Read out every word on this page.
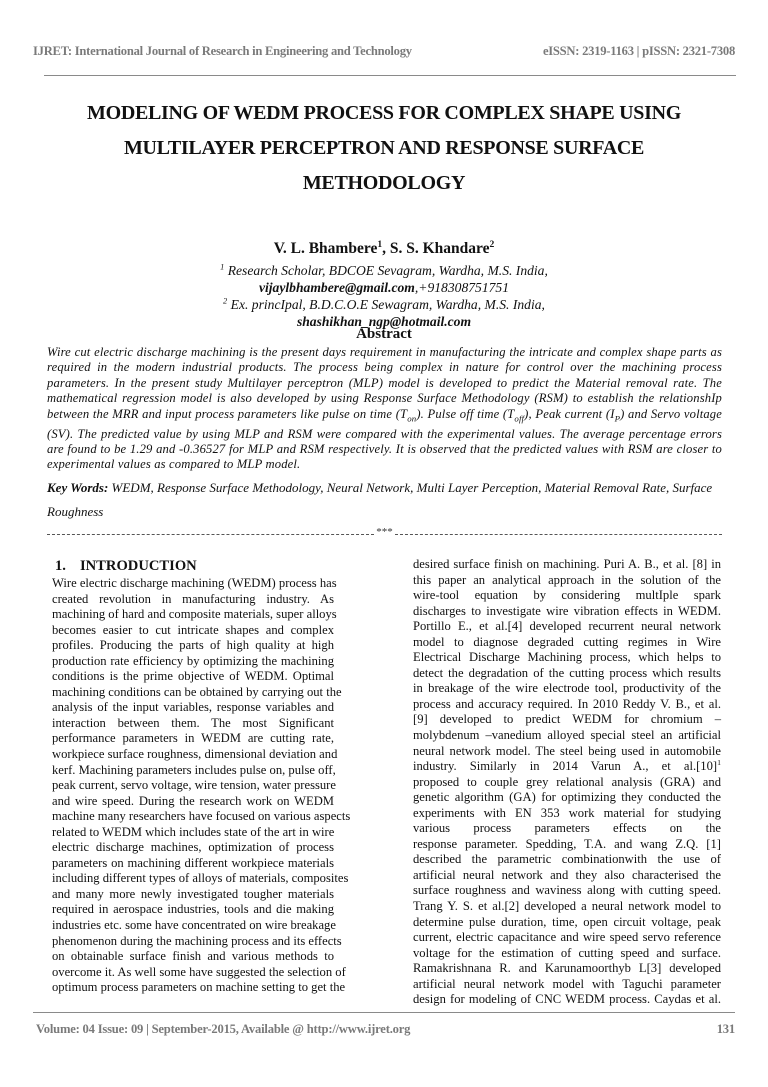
IJRET: International Journal of Research in Engineering and Technology	eISSN: 2319-1163 | pISSN: 2321-7308
MODELING OF WEDM PROCESS FOR COMPLEX SHAPE USING
MULTILAYER PERCEPTRON AND RESPONSE SURFACE
METHODOLOGY
V. L. Bhambere$^1$, S. S. Khandare$^2$
$^1$ Research Scholar, BDCOE Sevagram, Wardha, M.S. India,
vijaylbhambere@gmail.com,+918308751751
$^2$ Ex. princIpal, B.D.C.O.E Sewagram, Wardha, M.S. India,
shashikhan_ngp@hotmail.com
Abstract
Wire cut electric discharge machining is the present days requirement in manufacturing the intricate and complex shape parts as
required in the modern industrial products. The process being complex in nature for control over the machining process
parameters. In the present study Multilayer perceptron (MLP) model is developed to predict the Material removal rate. The
mathematical regression model is also developed by using Response Surface Methodology (RSM) to establish the relationshIp
between the MRR and input process parameters like pulse on time $(T_{on})$. Pulse off time $(T_{off})$, Peak current $(I_P)$ and Servo voltage
(SV). The predicted value by using MLP and RSM were compared with the experimental values. The average percentage errors
are found to be 1.29 and -0.36527 for MLP and RSM respectively. It is observed that the predicted values with RSM are closer to
experimental values as compared to MLP model.
Key Words: WEDM, Response Surface Methodology, Neural Network, Multi Layer Perception, Material Removal Rate, Surface Roughness
***
1. INTRODUCTION
Wire electric discharge machining (WEDM) process has
created revolution in manufacturing industry. As
machining of hard and composite materials, super alloys
becomes easier to cut intricate shapes and complex
profiles. Producing the parts of high quality at high
production rate efficiency by optimizing the machining
conditions is the prime objective of WEDM. Optimal
machining conditions can be obtained by carrying out the
analysis of the input variables, response variables and
interaction between them. The most Significant
performance parameters in WEDM are cutting rate,
workpiece surface roughness, dimensional deviation and
kerf. Machining parameters includes pulse on, pulse off,
peak current, servo voltage, wire tension, water pressure
and wire speed. During the research work on WEDM
machine many researchers have focused on various aspects
related to WEDM which includes state of the art in wire
electric discharge machines, optimization of process
parameters on machining different workpiece materials
including different types of alloys of materials, composites
and many more newly investigated tougher materials
required in aerospace industries, tools and die making
industries etc. some have concentrated on wire breakage
phenomenon during the machining process and its effects
on obtainable surface finish and various methods to
overcome it. As well some have suggested the selection of
optimum process parameters on machine setting to get the
desired surface finish on machining. Puri A. B., et al. [8] in
this paper an analytical approach in the solution of the
wire-tool equation by considering multIple spark
discharges to investigate wire vibration effects in WEDM.
Portillo E., et al.[4] developed recurrent neural network
model to diagnose degraded cutting regimes in Wire
Electrical Discharge Machining process, which helps to
detect the degradation of the cutting process which results
in breakage of the wire electrode tool, productivity of the
process and accuracy required. In 2010 Reddy V. B., et al.
[9] developed to predict WEDM for chromium –
molybdenum –vanedium alloyed special steel an artificial
neural network model. The steel being used in automobile
industry. Similarly in 2014 Varun A., et $al.[10]^1$
proposed to couple grey relational analysis (GRA) and
genetic algorithm (GA) for optimizing they conducted the
experiments with EN 353 work material for studying
various process parameters effects on the
response parameter. Spedding, T.A. and wang Z.Q. [1]
described the parametric combinationwith the use of
artificial neural network and they also characterised the
surface roughness and waviness along with cutting speed.
Trang Y. S. et al.[2] developed a neural network model to
determine pulse duration, time, open circuit voltage, peak
current, electric capacitance and wire speed servo reference
voltage for the estimation of cutting speed and surface.
Ramakrishnana R. and Karunamoorthyb L[3] developed
artificial neural network model with Taguchi parameter
design for modeling of CNC WEDM process. Caydas et al.
Volume: 04 Issue: 09 | September-2015, Available @ http://www.ijret.org	131
